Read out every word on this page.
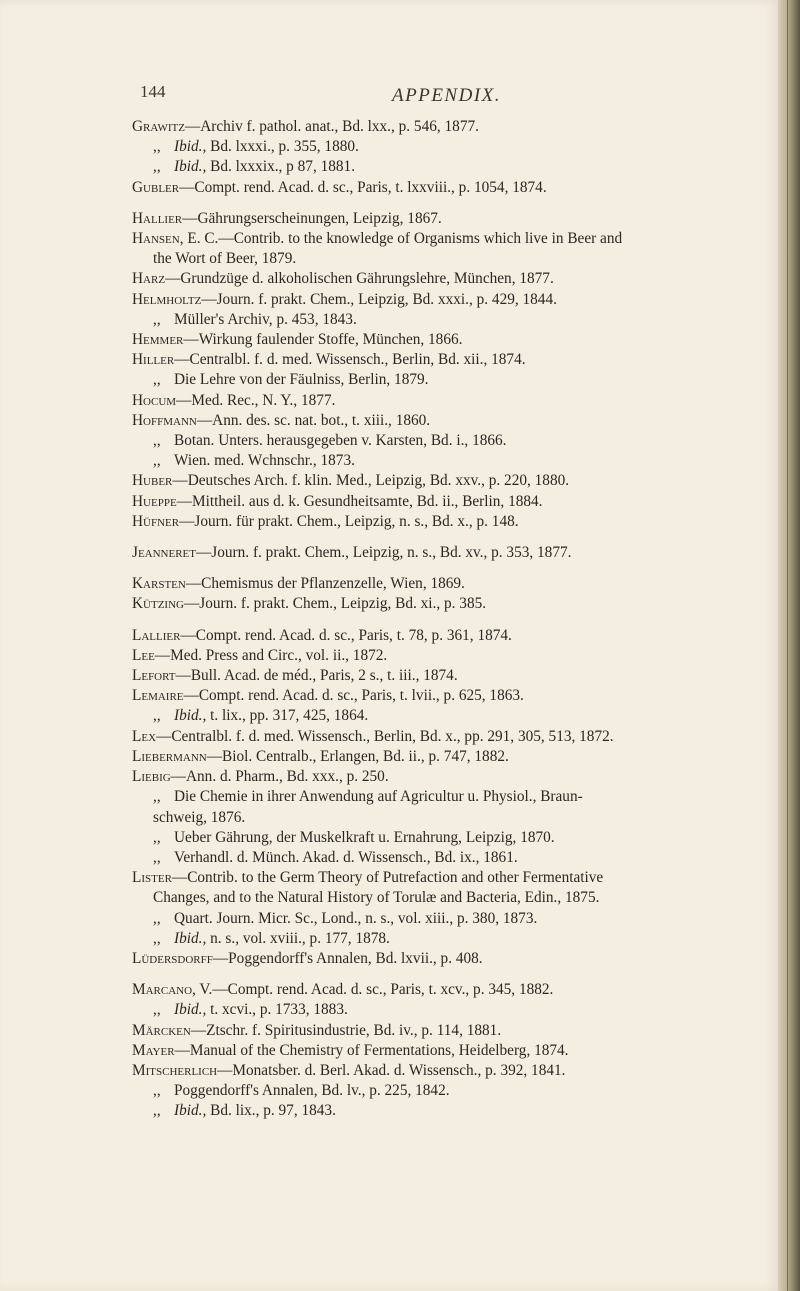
144	APPENDIX.
Grawitz—Archiv f. pathol. anat., Bd. lxx., p. 546, 1877.
,, Ibid., Bd. lxxxi., p. 355, 1880.
,, Ibid., Bd. lxxxix., p 87, 1881.
Gubler—Compt. rend. Acad. d. sc., Paris, t. lxxviii., p. 1054, 1874.
Hallier—Gährungserscheinungen, Leipzig, 1867.
Hansen, E. C.—Contrib. to the knowledge of Organisms which live in Beer and
the Wort of Beer, 1879.
Harz—Grundzüge d. alkoholischen Gährungslehre, München, 1877.
Helmholtz—Journ. f. prakt. Chem., Leipzig, Bd. xxxi., p. 429, 1844.
,, Müller's Archiv, p. 453, 1843.
Hemmer—Wirkung faulender Stoffe, München, 1866.
Hiller—Centralbl. f. d. med. Wissensch., Berlin, Bd. xii., 1874.
,, Die Lehre von der Fäulniss, Berlin, 1879.
Hocum—Med. Rec., N. Y., 1877.
Hoffmann—Ann. des. sc. nat. bot., t. xiii., 1860.
,, Botan. Unters. herausgegeben v. Karsten, Bd. i., 1866.
,, Wien. med. Wchnschr., 1873.
Huber—Deutsches Arch. f. klin. Med., Leipzig, Bd. xxv., p. 220, 1880.
Hueppe—Mittheil. aus d. k. Gesundheitsamte, Bd. ii., Berlin, 1884.
Hüfner—Journ. für prakt. Chem., Leipzig, n. s., Bd. x., p. 148.
Jeanneret—Journ. f. prakt. Chem., Leipzig, n. s., Bd. xv., p. 353, 1877.
Karsten—Chemismus der Pflanzenzelle, Wien, 1869.
Kützing—Journ. f. prakt. Chem., Leipzig, Bd. xi., p. 385.
Lallier—Compt. rend. Acad. d. sc., Paris, t. 78, p. 361, 1874.
Lee—Med. Press and Circ., vol. ii., 1872.
Lefort—Bull. Acad. de méd., Paris, 2 s., t. iii., 1874.
Lemaire—Compt. rend. Acad. d. sc., Paris, t. lvii., p. 625, 1863.
,, Ibid., t. lix., pp. 317, 425, 1864.
Lex—Centralbl. f. d. med. Wissensch., Berlin, Bd. x., pp. 291, 305, 513, 1872.
Liebermann—Biol. Centralb., Erlangen, Bd. ii., p. 747, 1882.
Liebig—Ann. d. Pharm., Bd. xxx., p. 250.
,, Die Chemie in ihrer Anwendung auf Agricultur u. Physiol., Braun-
schweig, 1876.
,, Ueber Gährung, der Muskelkraft u. Ernahrung, Leipzig, 1870.
,, Verhandl. d. Münch. Akad. d. Wissensch., Bd. ix., 1861.
Lister—Contrib. to the Germ Theory of Putrefaction and other Fermentative
Changes, and to the Natural History of Torulæ and Bacteria, Edin., 1875.
,, Quart. Journ. Micr. Sc., Lond., n. s., vol. xiii., p. 380, 1873.
,, Ibid., n. s., vol. xviii., p. 177, 1878.
Lüdersdorff—Poggendorff's Annalen, Bd. lxvii., p. 408.
Marcano, V.—Compt. rend. Acad. d. sc., Paris, t. xcv., p. 345, 1882.
,, Ibid., t. xcvi., p. 1733, 1883.
Märcken—Ztschr. f. Spiritusindustrie, Bd. iv., p. 114, 1881.
Mayer—Manual of the Chemistry of Fermentations, Heidelberg, 1874.
Mitscherlich—Monatsber. d. Berl. Akad. d. Wissensch., p. 392, 1841.
,, Poggendorff's Annalen, Bd. lv., p. 225, 1842.
,, Ibid., Bd. lix., p. 97, 1843.
